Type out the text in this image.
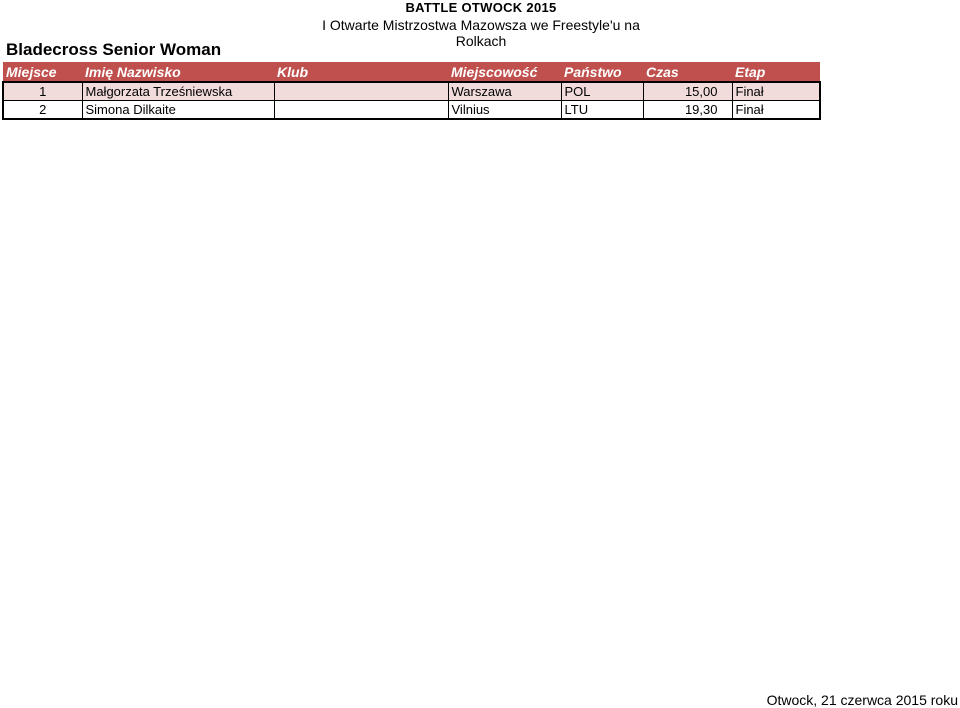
BATTLE OTWOCK 2015
I Otwarte Mistrzostwa Mazowsza we Freestyle'u na Rolkach
Bladecross Senior Woman
Miejsce	Imię Nazwisko	Klub	Miejscowość	Państwo	Czas	Etap
1	Małgorzata Trześniewska		Warszawa	POL	15,00	Finał
2	Simona Dilkaite		Vilnius	LTU	19,30	Finał
Otwock, 21 czerwca 2015 roku
